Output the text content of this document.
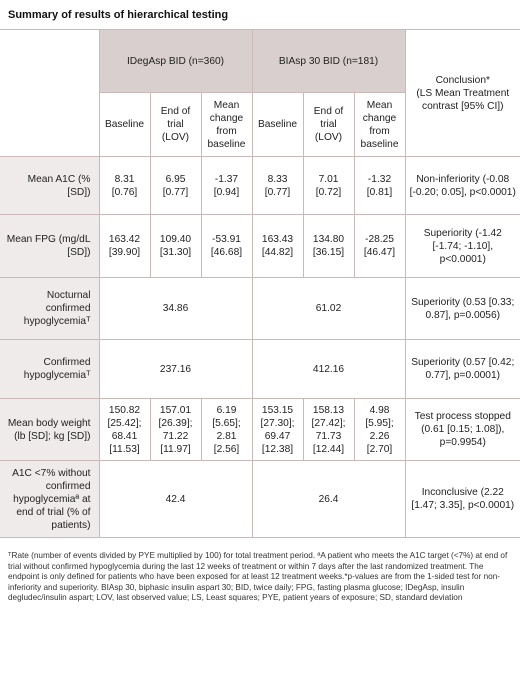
Summary of results of hierarchical testing
	IDegAsp BID (n=360)			BIAsp 30 BID (n=181)			Conclusion*
(LS Mean Treatment contrast [95% CI])

	Baseline	End of trial (LOV)	Mean change from baseline	Baseline	End of trial (LOV)	Mean change from baseline	
Mean A1C (% [SD])	8.31 [0.76]	6.95 [0.77]	-1.37 [0.94]	8.33 [0.77]	7.01 [0.72]	-1.32 [0.81]	Non-inferiority (-0.08 [-0.20; 0.05], p<0.0001)
Mean FPG (mg/dL [SD])	163.42 [39.90]	109.40 [31.30]	-53.91 [46.68]	163.43 [44.82]	134.80 [36.15]	-28.25 [46.47]	Superiority (-1.42 [-1.74; -1.10], p<0.0001)
Nocturnal confirmed hypoglycemiaᵀ	34.86			61.02			Superiority (0.53 [0.33; 0.87], p=0.0056)
Confirmed hypoglycemiaᵀ	237.16			412.16			Superiority (0.57 [0.42; 0.77], p=0.0001)
Mean body weight (lb [SD]; kg [SD])	150.82 [25.42]; 68.41 [11.53]	157.01 [26.39]; 71.22 [11.97]	6.19 [5.65]; 2.81 [2.56]	153.15 [27.30]; 69.47 [12.38]	158.13 [27.42]; 71.73 [12.44]	4.98 [5.95]; 2.26 [2.70]	Test process stopped (0.61 [0.15; 1.08]), p=0.9954)
A1C <7% without confirmed hypoglycemiaª at end of trial (% of patients)	42.4			26.4			Inconclusive (2.22 [1.47; 3.35], p<0.0001)
ᵀRate (number of events divided by PYE multiplied by 100) for total treatment period. ªA patient who meets the A1C target (<7%) at end of trial without confirmed hypoglycemia during the last 12 weeks of treatment or within 7 days after the last randomized treatment. The endpoint is only defined for patients who have been exposed for at least 12 treatment weeks.*p-values are from the 1-sided test for non-inferiority and superiority. BIAsp 30, biphasic insulin aspart 30; BID, twice daily; FPG, fasting plasma glucose; IDegAsp, insulin degludec/insulin aspart; LOV, last observed value; LS, Least squares; PYE, patient years of exposure; SD, standard deviation
